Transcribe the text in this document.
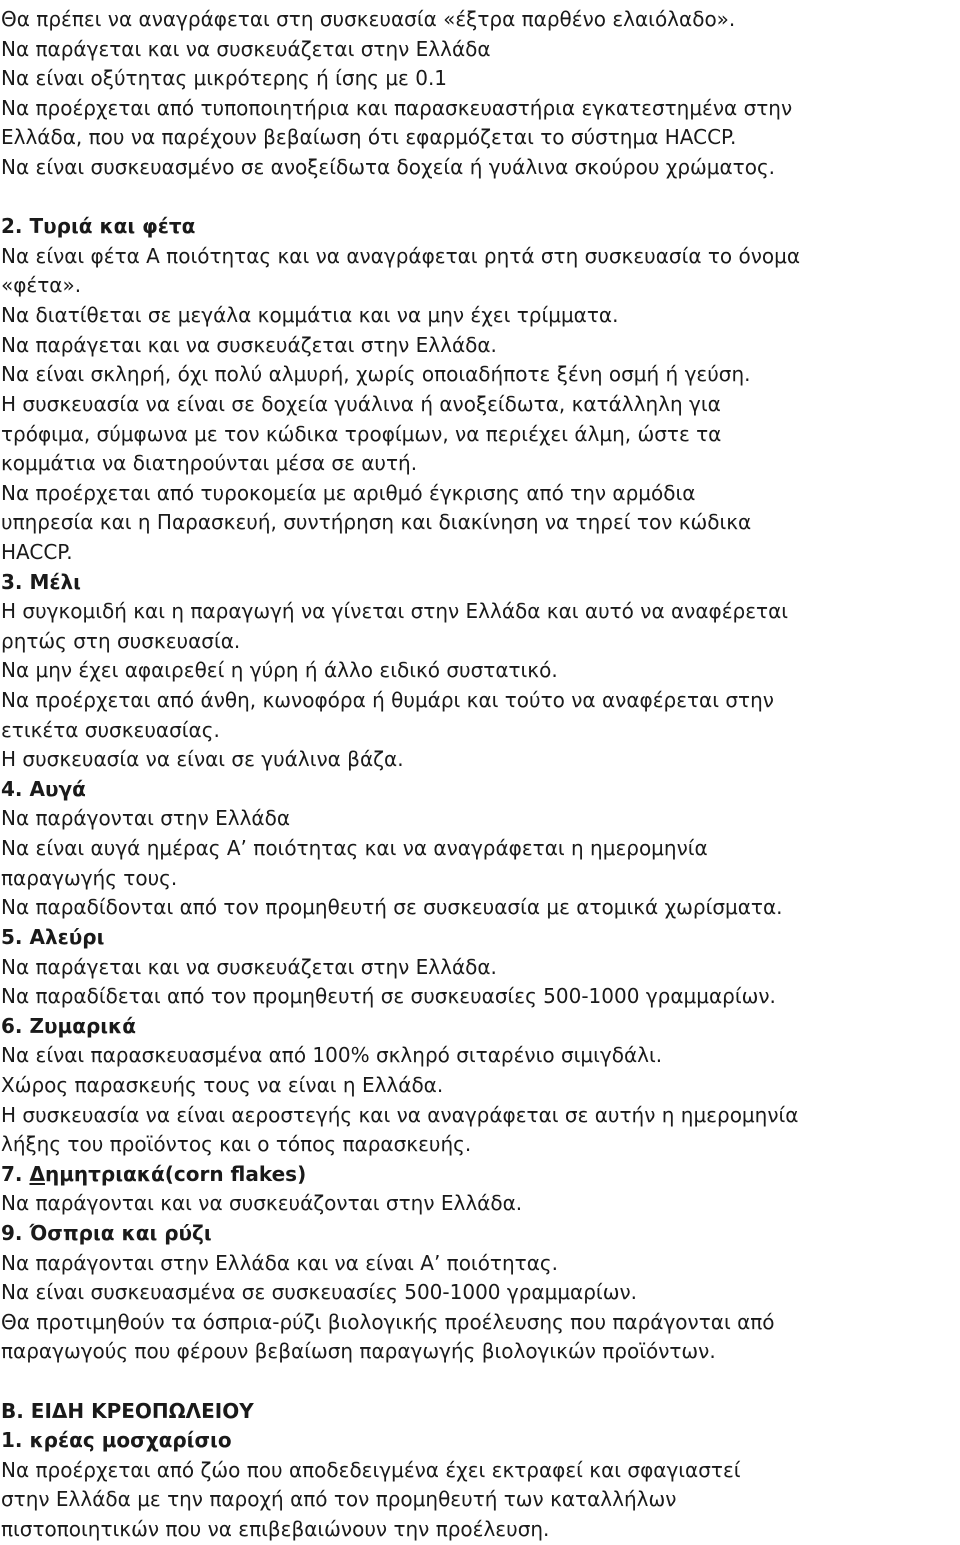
Θα πρέπει να αναγράφεται στη συσκευασία «έξτρα παρθένο ελαιόλαδο».
Να παράγεται και να συσκευάζεται στην Ελλάδα
Να είναι οξύτητας μικρότερης ή ίσης με 0.1
Να προέρχεται από τυποποιητήρια και παρασκευαστήρια εγκατεστημένα στην
Ελλάδα, που να παρέχουν βεβαίωση ότι εφαρμόζεται το σύστημα HACCP.
Να είναι συσκευασμένο σε ανοξείδωτα δοχεία ή γυάλινα σκούρου χρώματος.

2. Τυριά και φέτα
Να είναι φέτα Α ποιότητας και να αναγράφεται ρητά στη συσκευασία το όνομα
«φέτα».
Να διατίθεται σε μεγάλα κομμάτια και να μην έχει τρίμματα.
Να παράγεται και να συσκευάζεται στην Ελλάδα.
Να είναι σκληρή, όχι πολύ αλμυρή, χωρίς οποιαδήποτε ξένη οσμή ή γεύση.
Η συσκευασία να είναι σε δοχεία γυάλινα ή ανοξείδωτα, κατάλληλη για
τρόφιμα, σύμφωνα με τον κώδικα τροφίμων, να περιέχει άλμη, ώστε τα
κομμάτια να διατηρούνται μέσα σε αυτή.
Να προέρχεται από τυροκομεία με αριθμό έγκρισης από την αρμόδια
υπηρεσία και η Παρασκευή, συντήρηση και διακίνηση να τηρεί τον κώδικα
HACCP.
3. Μέλι
Η συγκομιδή και η παραγωγή να γίνεται στην Ελλάδα και αυτό να αναφέρεται
ρητώς στη συσκευασία.
Να μην έχει αφαιρεθεί η γύρη ή άλλο ειδικό συστατικό.
Να προέρχεται από άνθη, κωνοφόρα ή θυμάρι και τούτο να αναφέρεται στην
ετικέτα συσκευασίας.
Η συσκευασία να είναι σε γυάλινα βάζα.
4. Αυγά
Να παράγονται στην Ελλάδα
Να είναι αυγά ημέρας Α’ ποιότητας και να αναγράφεται η ημερομηνία
παραγωγής τους.
Να παραδίδονται από τον προμηθευτή σε συσκευασία με ατομικά χωρίσματα.
5. Αλεύρι
Να παράγεται και να συσκευάζεται στην Ελλάδα.
Να παραδίδεται από τον προμηθευτή σε συσκευασίες 500-1000 γραμμαρίων.
6. Ζυμαρικά
Να είναι παρασκευασμένα από 100% σκληρό σιταρένιο σιμιγδάλι.
Χώρος παρασκευής τους να είναι η Ελλάδα.
Η συσκευασία να είναι αεροστεγής και να αναγράφεται σε αυτήν η ημερομηνία
λήξης του προϊόντος και ο τόπος παρασκευής.
7. Δημητριακά(corn flakes)
Να παράγονται και να συσκευάζονται στην Ελλάδα.
9. Όσπρια και ρύζι
Να παράγονται στην Ελλάδα και να είναι Α’ ποιότητας.
Να είναι συσκευασμένα σε συσκευασίες 500-1000 γραμμαρίων.
Θα προτιμηθούν τα όσπρια-ρύζι βιολογικής προέλευσης που παράγονται από
παραγωγούς που φέρουν βεβαίωση παραγωγής βιολογικών προϊόντων.

Β. ΕΙΔΗ ΚΡΕΟΠΩΛΕΙΟΥ
1. κρέας μοσχαρίσιο
Να προέρχεται από ζώο που αποδεδειγμένα έχει εκτραφεί και σφαγιαστεί
στην Ελλάδα με την παροχή από τον προμηθευτή των καταλλήλων
πιστοποιητικών που να επιβεβαιώνουν την προέλευση.
